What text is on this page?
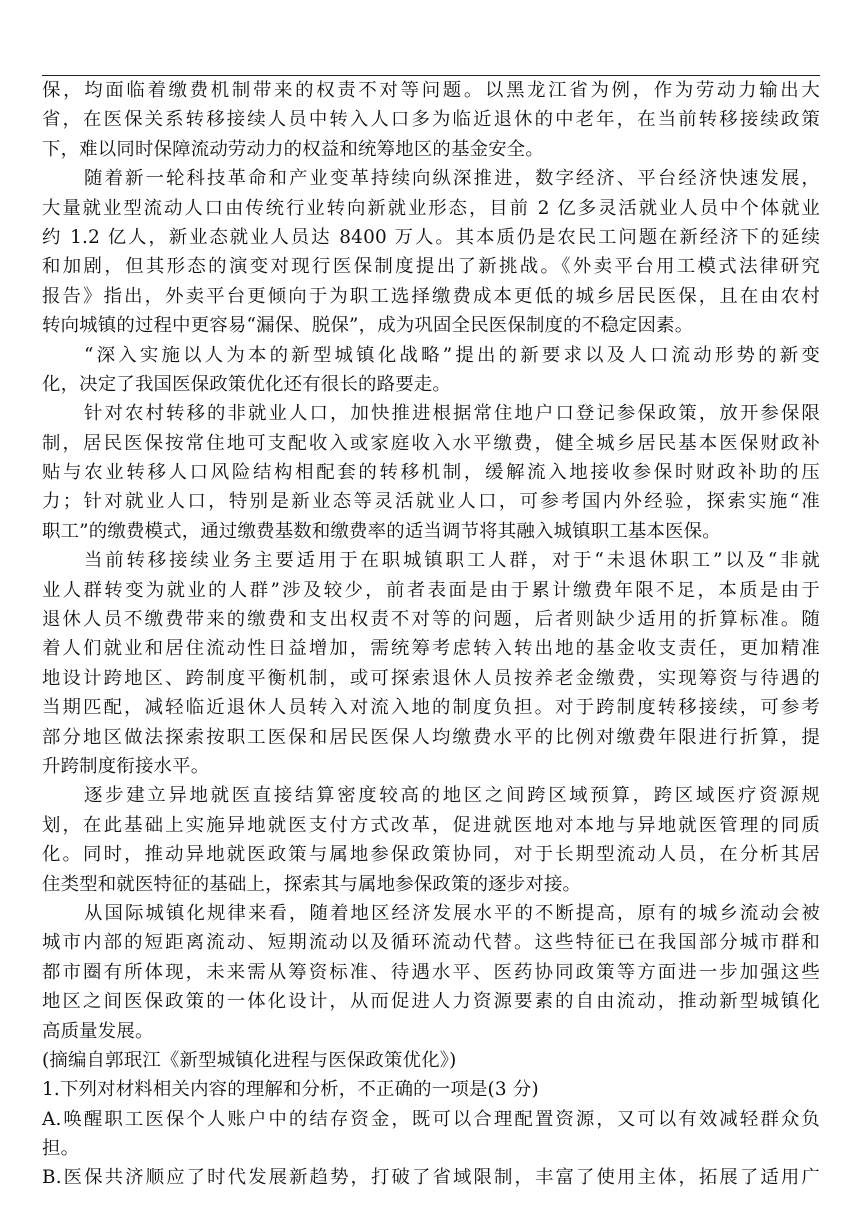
保，均面临着缴费机制带来的权责不对等问题。以黑龙江省为例，作为劳动力输出大
省，在医保关系转移接续人员中转入人口多为临近退休的中老年，在当前转移接续政策
下，难以同时保障流动劳动力的权益和统筹地区的基金安全。
随着新一轮科技革命和产业变革持续向纵深推进，数字经济、平台经济快速发展，
大量就业型流动人口由传统行业转向新就业形态，目前 2 亿多灵活就业人员中个体就业
约 1.2 亿人，新业态就业人员达 8400 万人。其本质仍是农民工问题在新经济下的延续
和加剧，但其形态的演变对现行医保制度提出了新挑战。《外卖平台用工模式法律研究
报告》指出，外卖平台更倾向于为职工选择缴费成本更低的城乡居民医保，且在由农村
转向城镇的过程中更容易“漏保、脱保”，成为巩固全民医保制度的不稳定因素。
“深入实施以人为本的新型城镇化战略”提出的新要求以及人口流动形势的新变
化，决定了我国医保政策优化还有很长的路要走。
针对农村转移的非就业人口，加快推进根据常住地户口登记参保政策，放开参保限
制，居民医保按常住地可支配收入或家庭收入水平缴费，健全城乡居民基本医保财政补
贴与农业转移人口风险结构相配套的转移机制，缓解流入地接收参保时财政补助的压
力；针对就业人口，特别是新业态等灵活就业人口，可参考国内外经验，探索实施“准
职工”的缴费模式，通过缴费基数和缴费率的适当调节将其融入城镇职工基本医保。
当前转移接续业务主要适用于在职城镇职工人群，对于“未退休职工”以及“非就
业人群转变为就业的人群”涉及较少，前者表面是由于累计缴费年限不足，本质是由于
退休人员不缴费带来的缴费和支出权责不对等的问题，后者则缺少适用的折算标准。随
着人们就业和居住流动性日益增加，需统筹考虑转入转出地的基金收支责任，更加精准
地设计跨地区、跨制度平衡机制，或可探索退休人员按养老金缴费，实现筹资与待遇的
当期匹配，减轻临近退休人员转入对流入地的制度负担。对于跨制度转移接续，可参考
部分地区做法探索按职工医保和居民医保人均缴费水平的比例对缴费年限进行折算，提
升跨制度衔接水平。
逐步建立异地就医直接结算密度较高的地区之间跨区域预算，跨区域医疗资源规
划，在此基础上实施异地就医支付方式改革，促进就医地对本地与异地就医管理的同质
化。同时，推动异地就医政策与属地参保政策协同，对于长期型流动人员，在分析其居
住类型和就医特征的基础上，探索其与属地参保政策的逐步对接。
从国际城镇化规律来看，随着地区经济发展水平的不断提高，原有的城乡流动会被
城市内部的短距离流动、短期流动以及循环流动代替。这些特征已在我国部分城市群和
都市圈有所体现，未来需从筹资标准、待遇水平、医药协同政策等方面进一步加强这些
地区之间医保政策的一体化设计，从而促进人力资源要素的自由流动，推动新型城镇化
高质量发展。
(摘编自郭珉江《新型城镇化进程与医保政策优化》)
1.下列对材料相关内容的理解和分析，不正确的一项是(3 分)
A.唤醒职工医保个人账户中的结存资金，既可以合理配置资源，又可以有效减轻群众负
担。
B.医保共济顺应了时代发展新趋势，打破了省域限制，丰富了使用主体，拓展了适用广
